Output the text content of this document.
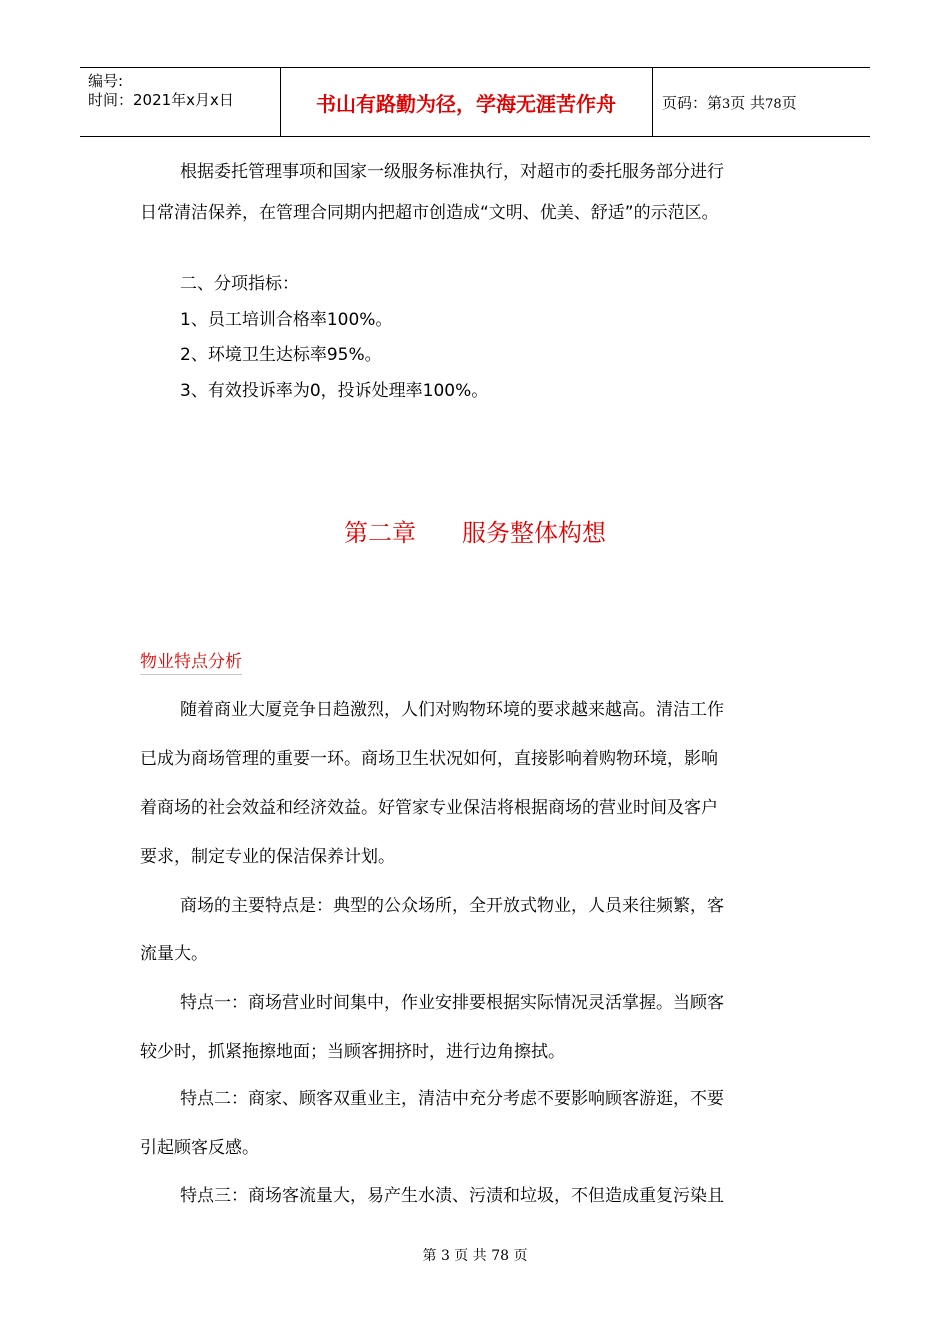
编号:
时间：2021年x月x日	书山有路勤为径，学海无涯苦作舟	页码：第3页 共78页
根据委托管理事项和国家一级服务标准执行，对超市的委托服务部分进行
日常清洁保养，在管理合同期内把超市创造成“文明、优美、舒适”的示范区。
二、分项指标：
1、员工培训合格率100%。
2、环境卫生达标率95%。
3、有效投诉率为0，投诉处理率100%。
第二章 服务整体构想
物业特点分析
随着商业大厦竞争日趋激烈，人们对购物环境的要求越来越高。清洁工作
已成为商场管理的重要一环。商场卫生状况如何，直接影响着购物环境，影响
着商场的社会效益和经济效益。好管家专业保洁将根据商场的营业时间及客户
要求，制定专业的保洁保养计划。
商场的主要特点是：典型的公众场所，全开放式物业，人员来往频繁，客
流量大。
特点一：商场营业时间集中，作业安排要根据实际情况灵活掌握。当顾客
较少时，抓紧拖擦地面；当顾客拥挤时，进行边角擦拭。
特点二：商家、顾客双重业主，清洁中充分考虑不要影响顾客游逛，不要
引起顾客反感。
特点三：商场客流量大，易产生水渍、污渍和垃圾，不但造成重复污染且
第 3 页 共 78 页
